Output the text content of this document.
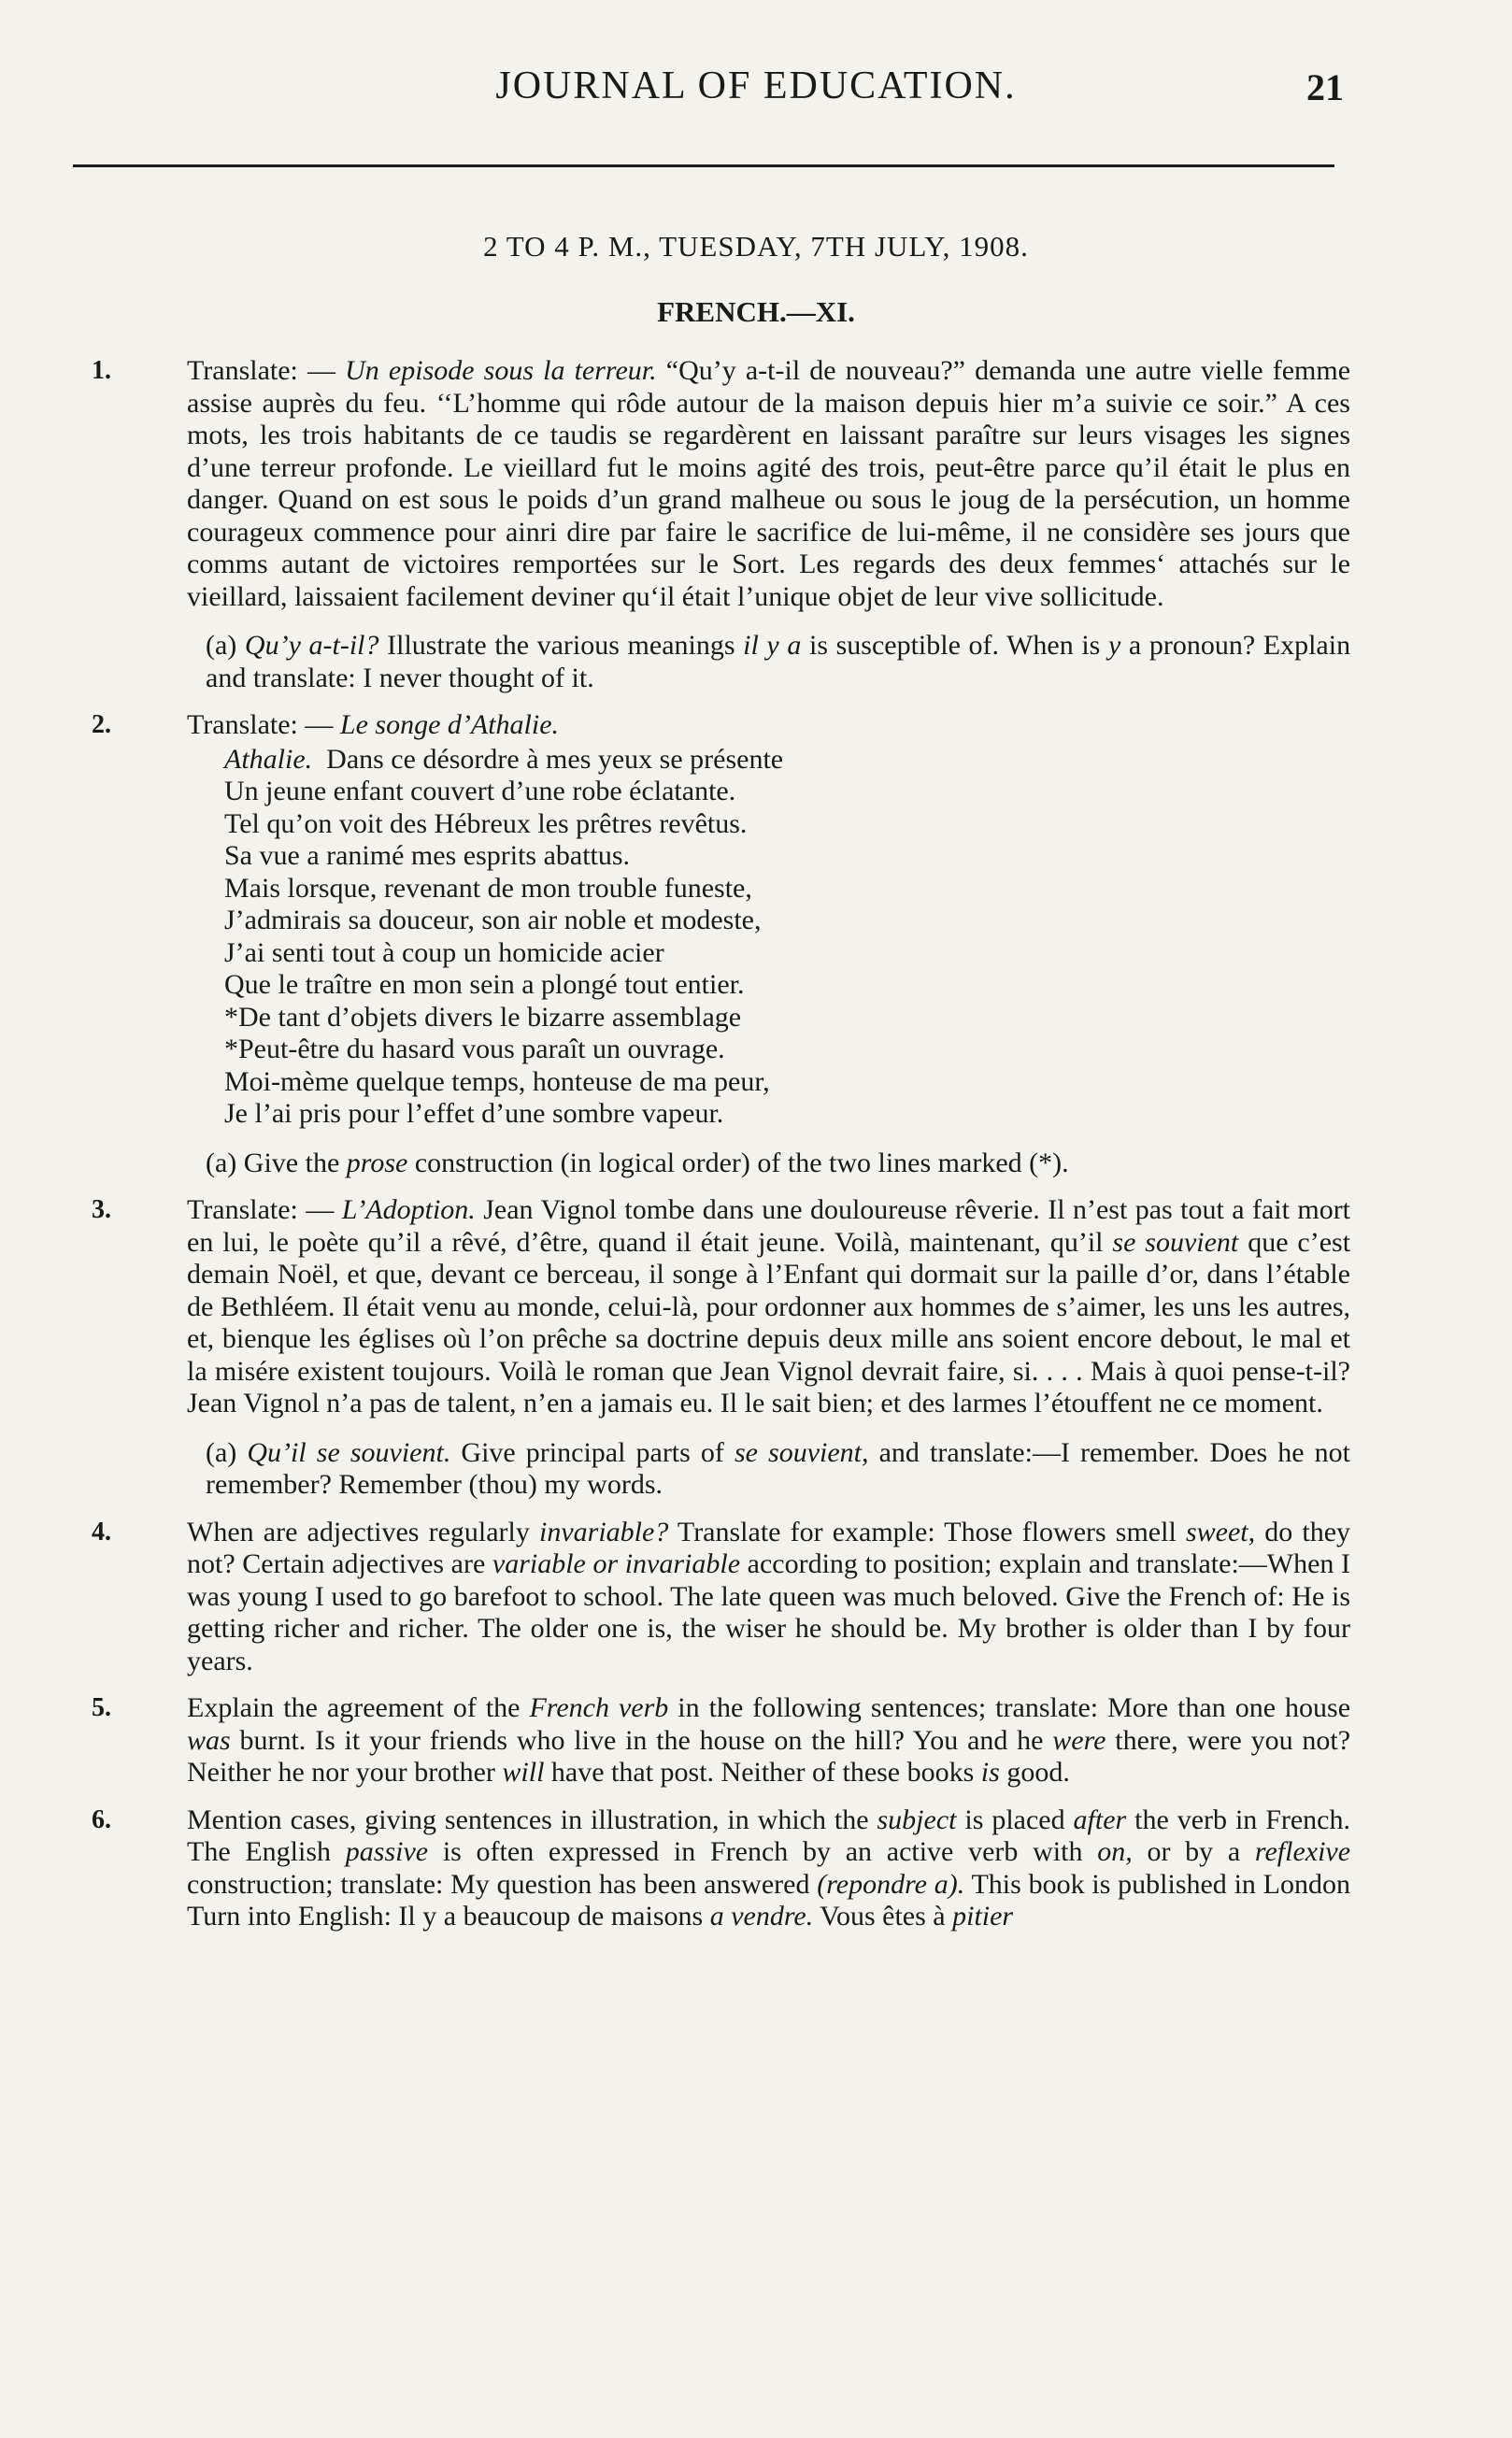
JOURNAL OF EDUCATION.	21
2 TO 4 P. M., TUESDAY, 7TH JULY, 1908.
FRENCH.—XI.
1.	Translate: — Un episode sous la terreur. “Qu’y a-t-il de nouveau?” demanda une autre vielle femme assise auprès du feu. ‘‘L’homme qui rôde autour de la maison depuis hier m’a suivie ce soir.” A ces mots, les trois habitants de ce taudis se regardèrent en laissant paraître sur leurs visages les signes d’une terreur profonde. Le vieillard fut le moins agité des trois, peut-être parce qu’il était le plus en danger. Quand on est sous le poids d’un grand malheue ou sous le joug de la persécution, un homme courageux commence pour ainri dire par faire le sacrifice de lui-même, il ne considère ses jours que comms autant de victoires remportées sur le Sort. Les regards des deux femmes‘ attachés sur le vieillard, laissaient facilement deviner qu‘il était l’unique objet de leur vive sollicitude.
(a) Qu’y a-t-il? Illustrate the various meanings il y a is susceptible of. When is y a pronoun? Explain and translate: I never thought of it.
2.	Translate: — Le songe d’Athalie.
Athalie. Dans ce désordre à mes yeux se présente
Un jeune enfant couvert d’une robe éclatante.
Tel qu’on voit des Hébreux les prêtres revêtus.
Sa vue a ranimé mes esprits abattus.
Mais lorsque, revenant de mon trouble funeste,
J’admirais sa douceur, son air noble et modeste,
J’ai senti tout à coup un homicide acier
Que le traître en mon sein a plongé tout entier.
*De tant d’objets divers le bizarre assemblage
*Peut-être du hasard vous paraît un ouvrage.
Moi-mème quelque temps, honteuse de ma peur,
Je l’ai pris pour l’effet d’une sombre vapeur.
(a) Give the prose construction (in logical order) of the two lines marked (*).
3.	Translate: — L’Adoption. Jean Vignol tombe dans une douloureuse rêverie. Il n’est pas tout a fait mort en lui, le poète qu’il a rêvé, d’être, quand il était jeune. Voilà, maintenant, qu’il se souvient que c’est demain Noël, et que, devant ce berceau, il songe à l’Enfant qui dormait sur la paille d’or, dans l’étable de Bethléem. Il était venu au monde, celui-là, pour ordonner aux hommes de s’aimer, les uns les autres, et, bienque les églises où l’on prêche sa doctrine depuis deux mille ans soient encore debout, le mal et la misére existent toujours. Voilà le roman que Jean Vignol devrait faire, si. . . . Mais à quoi pense-t-il? Jean Vignol n’a pas de talent, n’en a jamais eu. Il le sait bien; et des larmes l’étouffent ne ce moment.
(a) Qu’il se souvient. Give principal parts of se souvient, and translate:—I remember. Does he not remember? Remember (thou) my words.
4.	When are adjectives regularly invariable? Translate for example: Those flowers smell sweet, do they not? Certain adjectives are variable or invariable according to position; explain and translate:—When I was young I used to go barefoot to school. The late queen was much beloved. Give the French of: He is getting richer and richer. The older one is, the wiser he should be. My brother is older than I by four years.
5.	Explain the agreement of the French verb in the following sentences; translate: More than one house was burnt. Is it your friends who live in the house on the hill? You and he were there, were you not? Neither he nor your brother will have that post. Neither of these books is good.
6.	Mention cases, giving sentences in illustration, in which the subject is placed after the verb in French. The English passive is often expressed in French by an active verb with on, or by a reflexive construction; translate: My question has been answered (repondre a). This book is published in London Turn into English: Il y a beaucoup de maisons a vendre. Vous êtes à pitier
